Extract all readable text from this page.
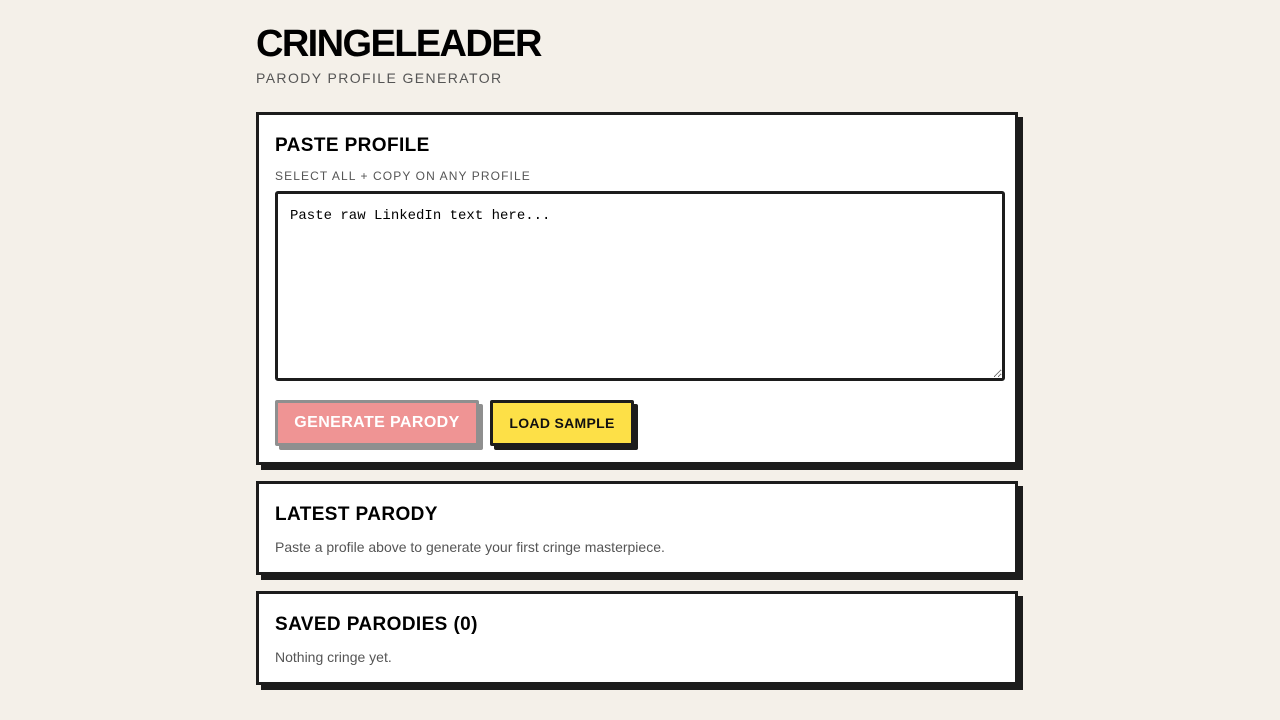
CRINGELEADER

PARODY PROFILE GENERATOR

PASTE PROFILE

SELECT ALL + COPY ON ANY PROFILE

Paste raw LinkedIn text here...
GENERATE PARODY	LOAD SAMPLE
LATEST PARODY

Paste a profile above to generate your first cringe masterpiece.

SAVED PARODIES (0)

Nothing cringe yet.
